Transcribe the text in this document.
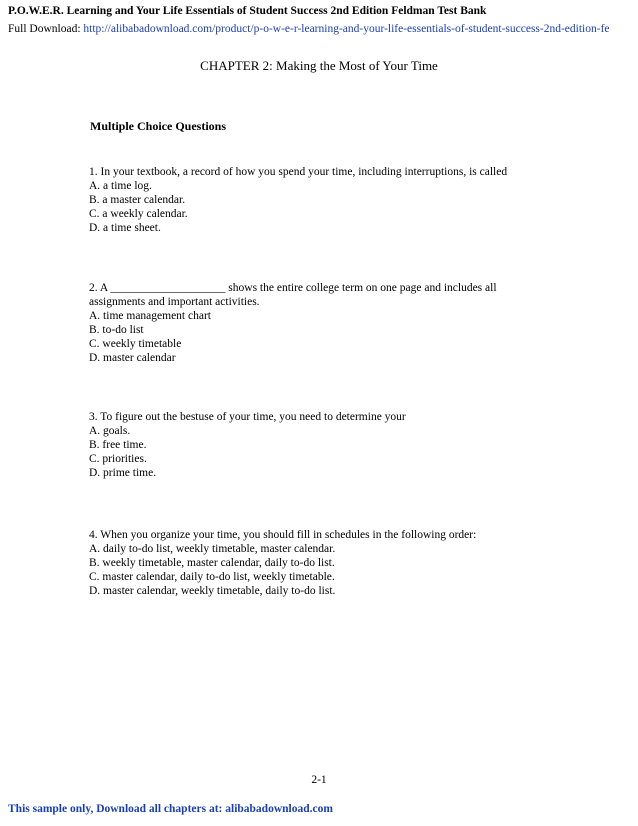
P.O.W.E.R. Learning and Your Life Essentials of Student Success 2nd Edition Feldman Test Bank
Full Download: http://alibabadownload.com/product/p-o-w-e-r-learning-and-your-life-essentials-of-student-success-2nd-edition-fe
CHAPTER 2: Making the Most of Your Time
Multiple Choice Questions
1. In your textbook, a record of how you spend your time, including interruptions, is called
A. a time log.
B. a master calendar.
C. a weekly calendar.
D. a time sheet.
2. A ____________________ shows the entire college term on one page and includes all
assignments and important activities.
A. time management chart
B. to-do list
C. weekly timetable
D. master calendar
3. To figure out the bestuse of your time, you need to determine your
A. goals.
B. free time.
C. priorities.
D. prime time.
4. When you organize your time, you should fill in schedules in the following order:
A. daily to-do list, weekly timetable, master calendar.
B. weekly timetable, master calendar, daily to-do list.
C. master calendar, daily to-do list, weekly timetable.
D. master calendar, weekly timetable, daily to-do list.
2-1
This sample only, Download all chapters at: alibabadownload.com
